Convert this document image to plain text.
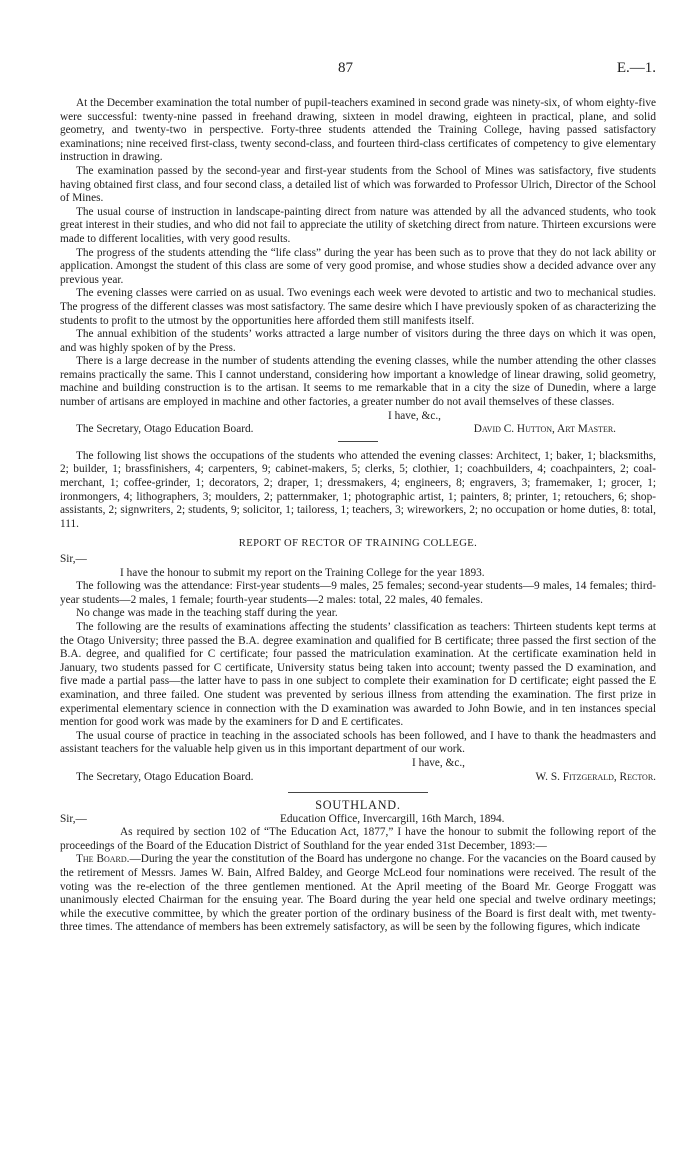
87	E.—1.

At the December examination the total number of pupil-teachers examined in second grade was ninety-six, of whom eighty-five were successful: twenty-nine passed in freehand drawing, sixteen in model drawing, eighteen in practical, plane, and solid geometry, and twenty-two in perspective. Forty-three students attended the Training College, having passed satisfactory examinations; nine received first-class, twenty second-class, and fourteen third-class certificates of competency to give elementary instruction in drawing.

The examination passed by the second-year and first-year students from the School of Mines was satisfactory, five students having obtained first class, and four second class, a detailed list of which was forwarded to Professor Ulrich, Director of the School of Mines.

The usual course of instruction in landscape-painting direct from nature was attended by all the advanced students, who took great interest in their studies, and who did not fail to appreciate the utility of sketching direct from nature. Thirteen excursions were made to different localities, with very good results.

The progress of the students attending the “life class” during the year has been such as to prove that they do not lack ability or application. Amongst the student of this class are some of very good promise, and whose studies show a decided advance over any previous year.

The evening classes were carried on as usual. Two evenings each week were devoted to artistic and two to mechanical studies. The progress of the different classes was most satisfactory. The same desire which I have previously spoken of as characterizing the students to profit to the utmost by the opportunities here afforded them still manifests itself.

The annual exhibition of the students’ works attracted a large number of visitors during the three days on which it was open, and was highly spoken of by the Press.

There is a large decrease in the number of students attending the evening classes, while the number attending the other classes remains practically the same. This I cannot understand, considering how important a knowledge of linear drawing, solid geometry, machine and building construction is to the artisan. It seems to me remarkable that in a city the size of Dunedin, where a large number of artisans are employed in machine and other factories, a greater number do not avail themselves of these classes.

I have, &c.,
The Secretary, Otago Education Board.	David C. Hutton, Art Master.

The following list shows the occupations of the students who attended the evening classes: Architect, 1; baker, 1; blacksmiths, 2; builder, 1; brassfinishers, 4; carpenters, 9; cabinet-makers, 5; clerks, 5; clothier, 1; coachbuilders, 4; coachpainters, 2; coal-merchant, 1; coffee-grinder, 1; decorators, 2; draper, 1; dressmakers, 4; engineers, 8; engravers, 3; framemaker, 1; grocer, 1; ironmongers, 4; lithographers, 3; moulders, 2; patternmaker, 1; photographic artist, 1; painters, 8; printer, 1; retouchers, 6; shop-assistants, 2; signwriters, 2; students, 9; solicitor, 1; tailoress, 1; teachers, 3; wireworkers, 2; no occupation or home duties, 8: total, 111.

REPORT OF RECTOR OF TRAINING COLLEGE.

Sir,—

I have the honour to submit my report on the Training College for the year 1893.

The following was the attendance: First-year students—9 males, 25 females; second-year students—9 males, 14 females; third-year students—2 males, 1 female; fourth-year students—2 males: total, 22 males, 40 females.

No change was made in the teaching staff during the year.

The following are the results of examinations affecting the students’ classification as teachers: Thirteen students kept terms at the Otago University; three passed the B.A. degree examination and qualified for B certificate; three passed the first section of the B.A. degree, and qualified for C certificate; four passed the matriculation examination. At the certificate examination held in January, two students passed for C certificate, University status being taken into account; twenty passed the D examination, and five made a partial pass—the latter have to pass in one subject to complete their examination for D certificate; eight passed the E examination, and three failed. One student was prevented by serious illness from attending the examination. The first prize in experimental elementary science in connection with the D examination was awarded to John Bowie, and in ten instances special mention for good work was made by the examiners for D and E certificates.

The usual course of practice in teaching in the associated schools has been followed, and I have to thank the headmasters and assistant teachers for the valuable help given us in this important department of our work.

I have, &c.,
The Secretary, Otago Education Board.	W. S. Fitzgerald, Rector.
SOUTHLAND.
Sir,—	Education Office, Invercargill, 16th March, 1894.

As required by section 102 of “The Education Act, 1877,” I have the honour to submit the following report of the proceedings of the Board of the Education District of Southland for the year ended 31st December, 1893:—

The Board.—During the year the constitution of the Board has undergone no change. For the vacancies on the Board caused by the retirement of Messrs. James W. Bain, Alfred Baldey, and George McLeod four nominations were received. The result of the voting was the re-election of the three gentlemen mentioned. At the April meeting of the Board Mr. George Froggatt was unanimously elected Chairman for the ensuing year. The Board during the year held one special and twelve ordinary meetings; while the executive committee, by which the greater portion of the ordinary business of the Board is first dealt with, met twenty-three times. The attendance of members has been extremely satisfactory, as will be seen by the following figures, which indicate
